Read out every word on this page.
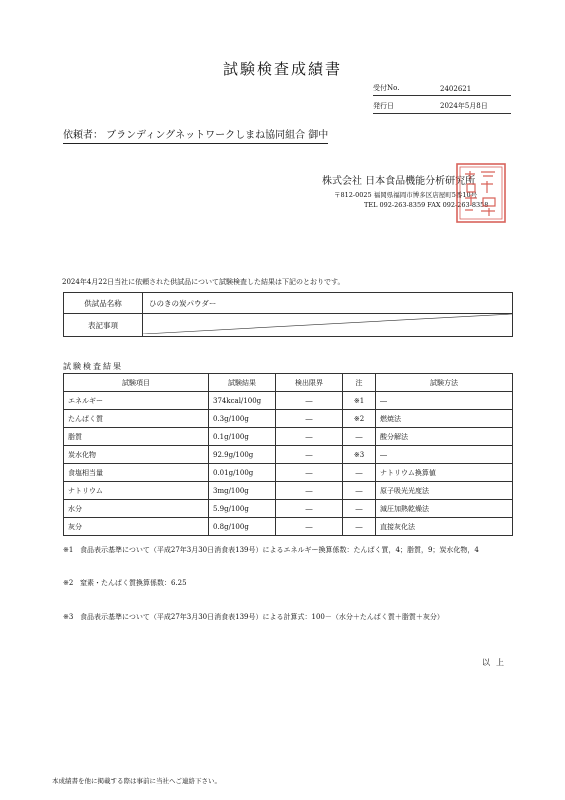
試験検査成績書
受付No.	2402621
発行日	2024年5月8日
依頼者： ブランディングネットワークしまね協同組合 御中
株式会社 日本食品機能分析研究所
〒812-0025 福岡県福岡市博多区店屋町5番10号
TEL 092-263-8359 FAX 092-263-8358
2024年4月22日当社に依頼された供試品について試験検査した結果は下記のとおりです。
供試品名称	ひのきの炭パウダー
表記事項	
試験検査結果
試験項目	試験結果	検出限界	注	試験方法
エネルギー	374kcal/100g	―	※1	―
たんぱく質	0.3g/100g	―	※2	燃焼法
脂質	0.1g/100g	―	―	酸分解法
炭水化物	92.9g/100g	―	※3	―
食塩相当量	0.01g/100g	―	―	ナトリウム換算値
ナトリウム	3mg/100g	―	―	原子吸光光度法
水分	5.9g/100g	―	―	減圧加熱乾燥法
灰分	0.8g/100g	―	―	直接灰化法
※1 食品表示基準について（平成27年3月30日消食表139号）によるエネルギー換算係数：たんぱく質，4；脂質，9；炭水化物，4
※2 窒素・たんぱく質換算係数：6.25
※3 食品表示基準について（平成27年3月30日消食表139号）による計算式：100－（水分＋たんぱく質＋脂質＋灰分）
以上
本成績書を他に掲載する際は事前に当社へご連絡下さい。
